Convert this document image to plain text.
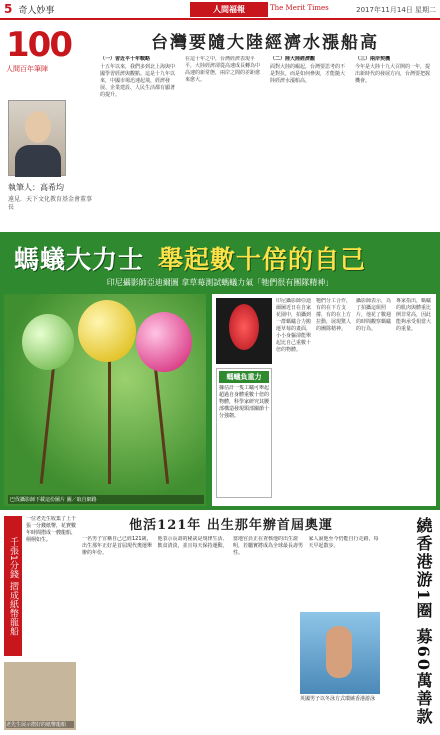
5 奇人妙事	人間福報	The Merit Times	2017年11月14日 星期二
100
人間百年筆陣
執筆人：高希均
遠見．天下文化教育基金會董事長
台灣要隨大陸經濟水漲船高
（一）習近平十年戰略

十五年以來，我們多到北上海與中國學習經濟與觀點。這是十九年以來，中國市場迅速起飛，經濟發展、企業建設、人民生活都有顯著的提升。

在這十年之中，台灣經濟表現平平，大陸經濟卻從高速成長轉為中高速的新常態，兩岸之間的差距愈來愈大。

（二）陸大陸經濟觀

面對大陸的崛起，台灣要思考的不是對抗，而是如何參與，才能隨大陸經濟水漲船高。

（三）兩岸契機

今年是大陸十九大召開的一年，提出新時代的發展方向，台灣要把握機會。

螞蟻大力士 舉起數十倍的自己
印尼攝影師亞迪爾圖 拿草莓測試螞蟻力氣「牠們很有團隊精神」
巴伐攝影師下載這份圖片 圖／取自網路
螞蟻負重力
據估計一隻工蟻可舉起超過自身體重數十倍的物體，科學家研究其腰部構造發現頸部關節十分強韌。

印尼攝影師亞迪爾圖近日在自家花園中，拍攝到一群螞蟻合力搬運草莓的畫面，小小身軀卻能舉起比自己重數十倍的物體。

牠們分工合作，有的在下方支撐，有的在上方拉動，展現驚人的團隊精神。

攝影師表示，為了拍攝這組照片，他花了數週的時間觀察螞蟻的行為。

專家指出，螞蟻的肌肉與體重比例非常高，因此能夠承受相當大的重量。

千張1分錢 摺成紙幣龍船
一位老先生收集了上千張一分錢紙幣，花費數年時間摺成一艘龍船，栩栩如生。
老先生展示摺好的紙幣龍船
他活121年 出生那年辦首屆奧運

一名男子宣稱自己已經121歲，出生那年正好是首屆現代奧運舉辦的年份。

他表示長壽的秘訣是規律生活、飲食清淡，並且每天保持運動。

當地官員正在查核他的出生證明，若屬實將成為全球最長壽男性。

家人說他至今仍能自行走路，每天早起散步。

英國男子以冬泳方式環繞香港游泳	繞香港游1圈 募60萬善款
